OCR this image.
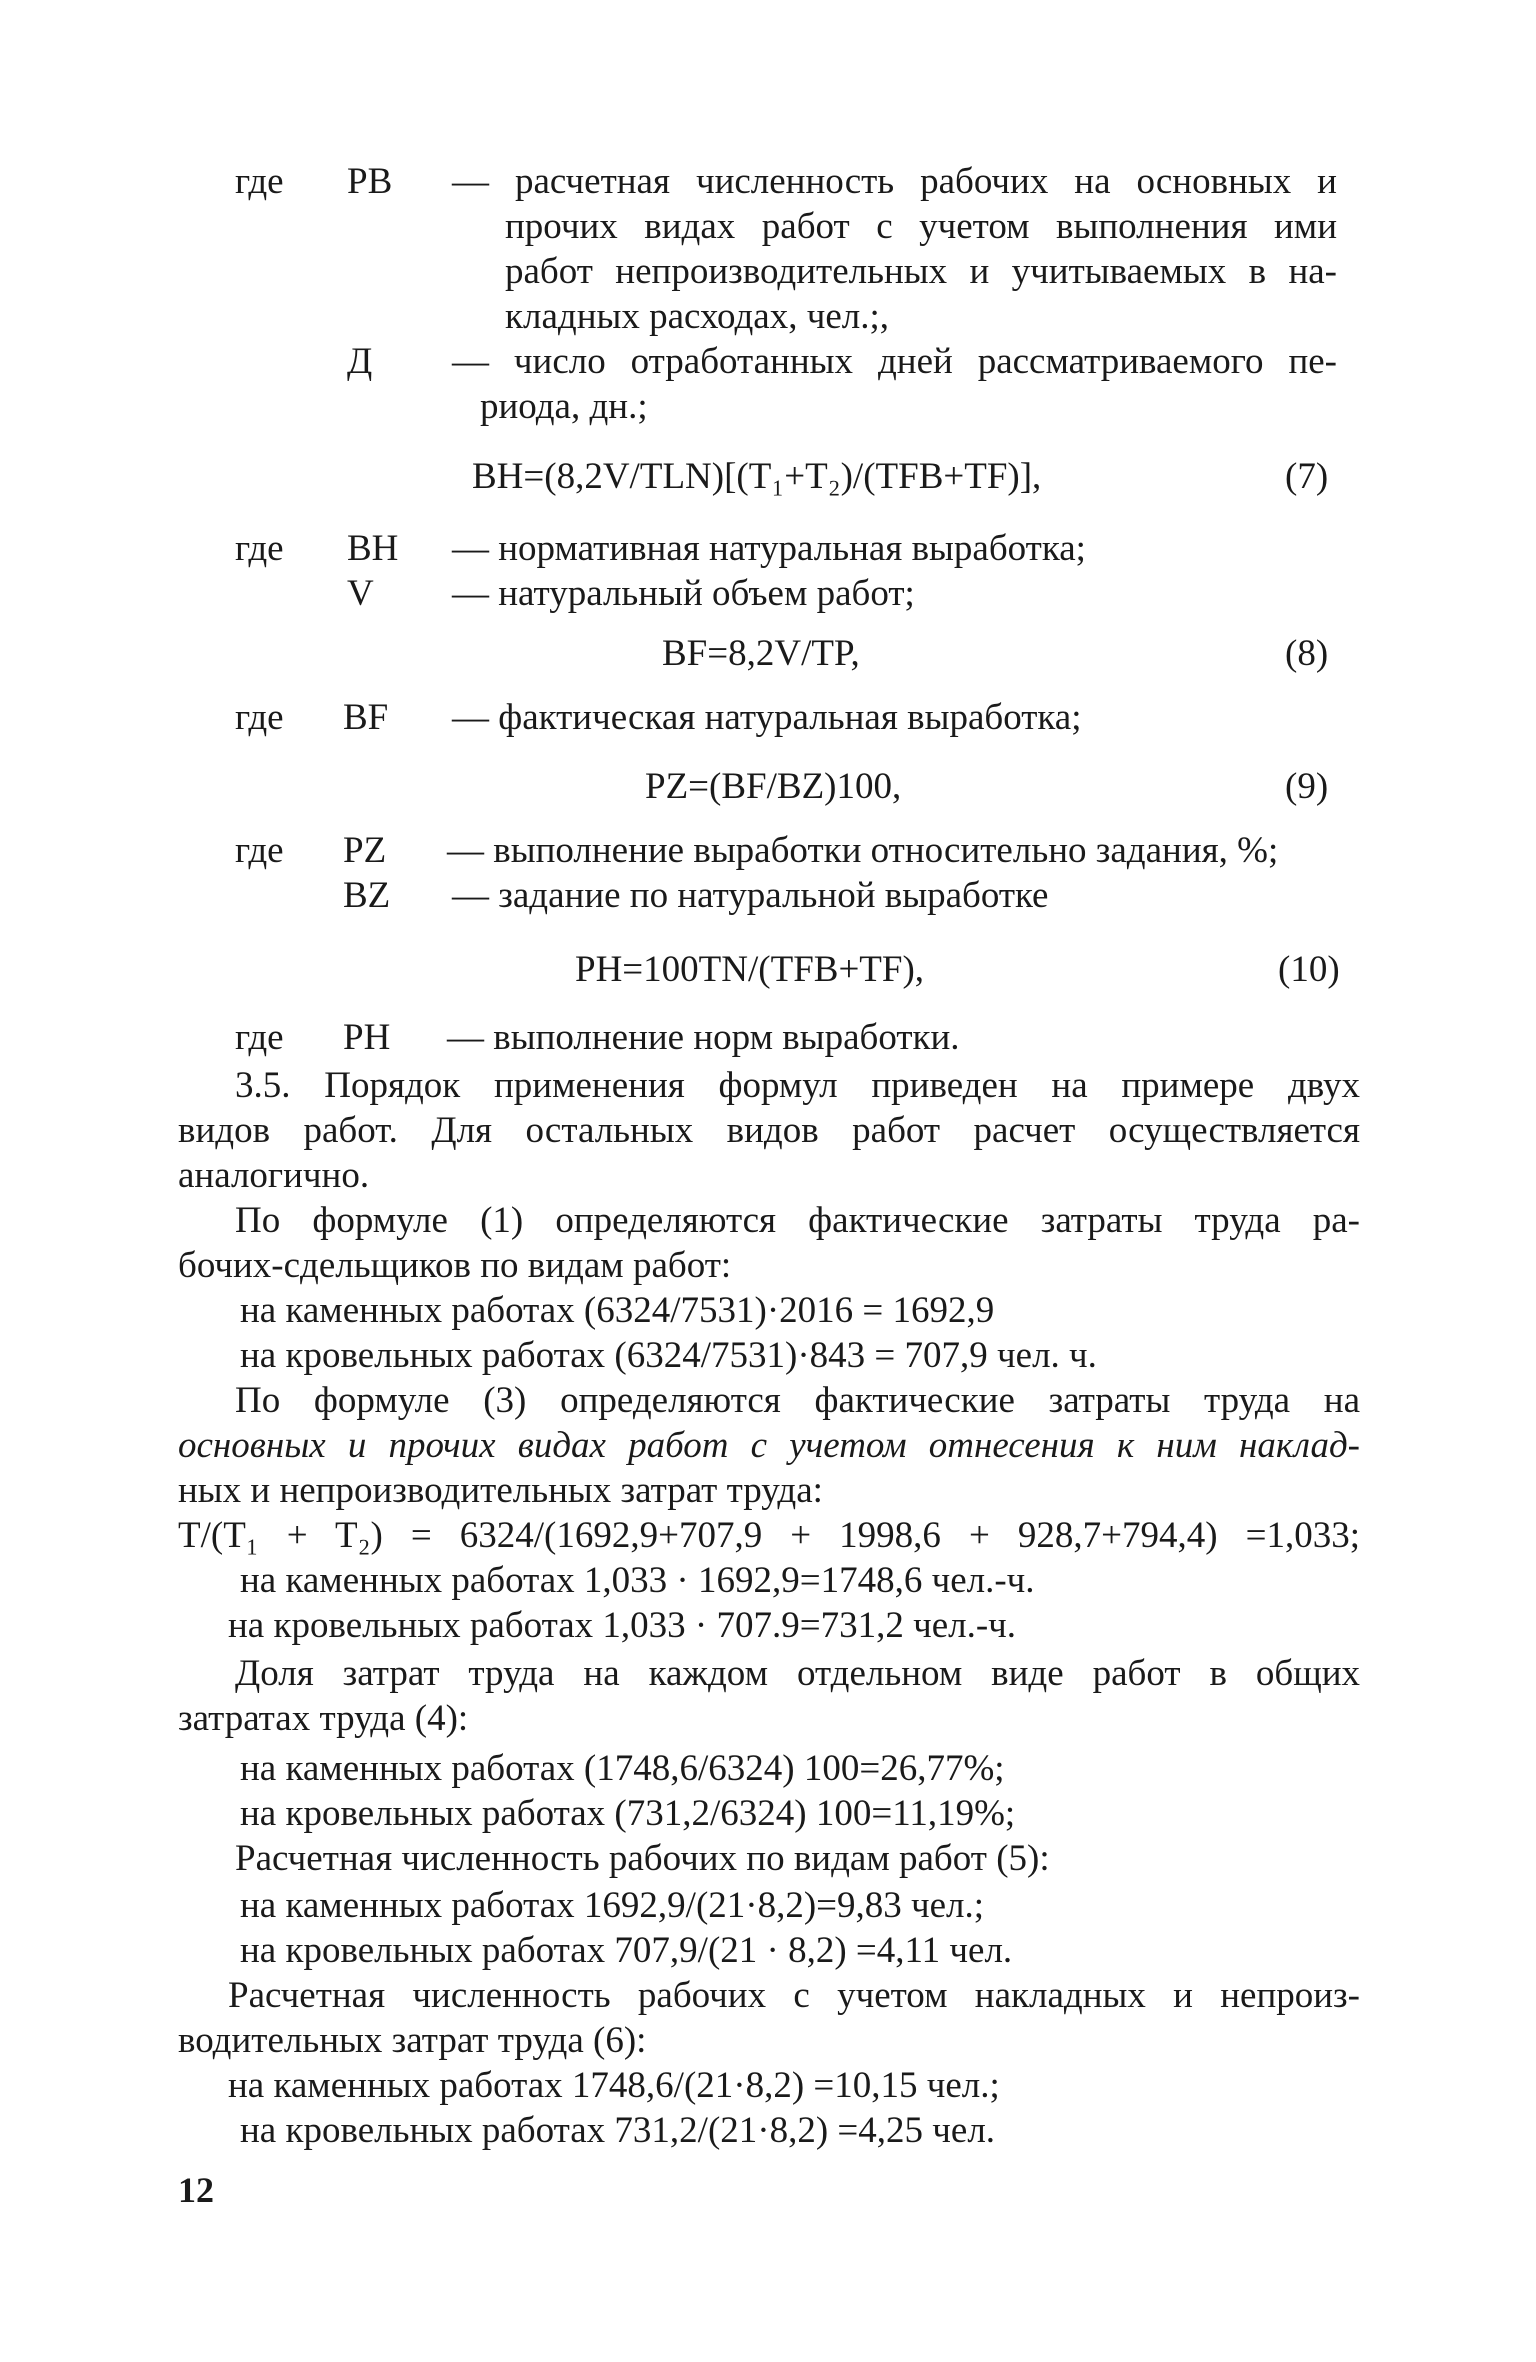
где РВ — расчетная численность рабочих на основных и
прочих видах работ с учетом выполнения ими
работ непроизводительных и учитываемых в на-
кладных расходах, чел.;,
Д — число отработанных дней рассматриваемого пе-
риода, дн.;
ВН=(8,2V/TLN)[(T₁+T₂)/(TFB+TF)],	(7)
где ВН — нормативная натуральная выработка;
V — натуральный объем работ;
BF=8,2V/TP,	(8)
где BF — фактическая натуральная выработка;
PZ=(BF/BZ)100,	(9)
где PZ — выполнение выработки относительно задания, %;
BZ — задание по натуральной выработке
PH=100TN/(TFB+TF),	(10)
где PH — выполнение норм выработки.
3.5. Порядок применения формул приведен на примере двух
видов работ. Для остальных видов работ расчет осуществляется
аналогично.
По формуле (1) определяются фактические затраты труда ра-
бочих-сдельщиков по видам работ:
на каменных работах (6324/7531)·2016 = 1692,9
на кровельных работах (6324/7531)·843 = 707,9 чел. ч.
По формуле (3) определяются фактические затраты труда на
основных и прочих видах работ с учетом отнесения к ним наклад-
ных и непроизводительных затрат труда:
T/(T₁ + T₂) = 6324/(1692,9+707,9 + 1998,6 + 928,7+794,4) =1,033;
на каменных работах 1,033 · 1692,9=1748,6 чел.-ч.
на кровельных работах 1,033 · 707.9=731,2 чел.-ч.
Доля затрат труда на каждом отдельном виде работ в общих
затратах труда (4):
на каменных работах (1748,6/6324) 100=26,77%;
на кровельных работах (731,2/6324) 100=11,19%;
Расчетная численность рабочих по видам работ (5):
на каменных работах 1692,9/(21·8,2)=9,83 чел.;
на кровельных работах 707,9/(21 · 8,2) =4,11 чел.
Расчетная численность рабочих с учетом накладных и непроиз-
водительных затрат труда (6):
на каменных работах 1748,6/(21·8,2) =10,15 чел.;
на кровельных работах 731,2/(21·8,2) =4,25 чел.
12
